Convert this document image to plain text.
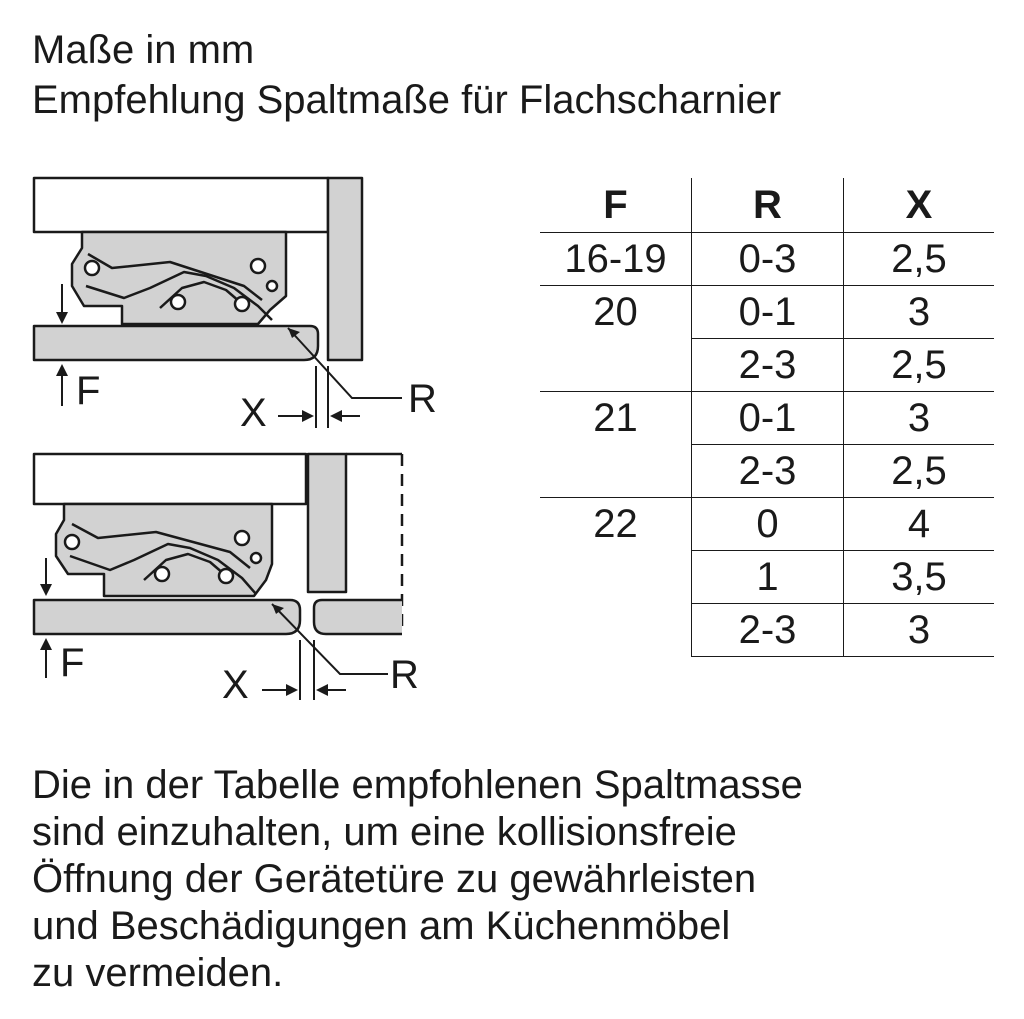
Maße in mm
Empfehlung Spaltmaße für Flachscharnier
F	X	R
F	X	R
F	R	X
16-19	0-3	2,5
20	0-1	3
	2-3	2,5
21	0-1	3
	2-3	2,5
22	0	4
	1	3,5
	2-3	3

Die in der Tabelle empfohlenen Spaltmasse
sind einzuhalten, um eine kollisionsfreie
Öffnung der Gerätetüre zu gewährleisten
und Beschädigungen am Küchenmöbel
zu vermeiden.
